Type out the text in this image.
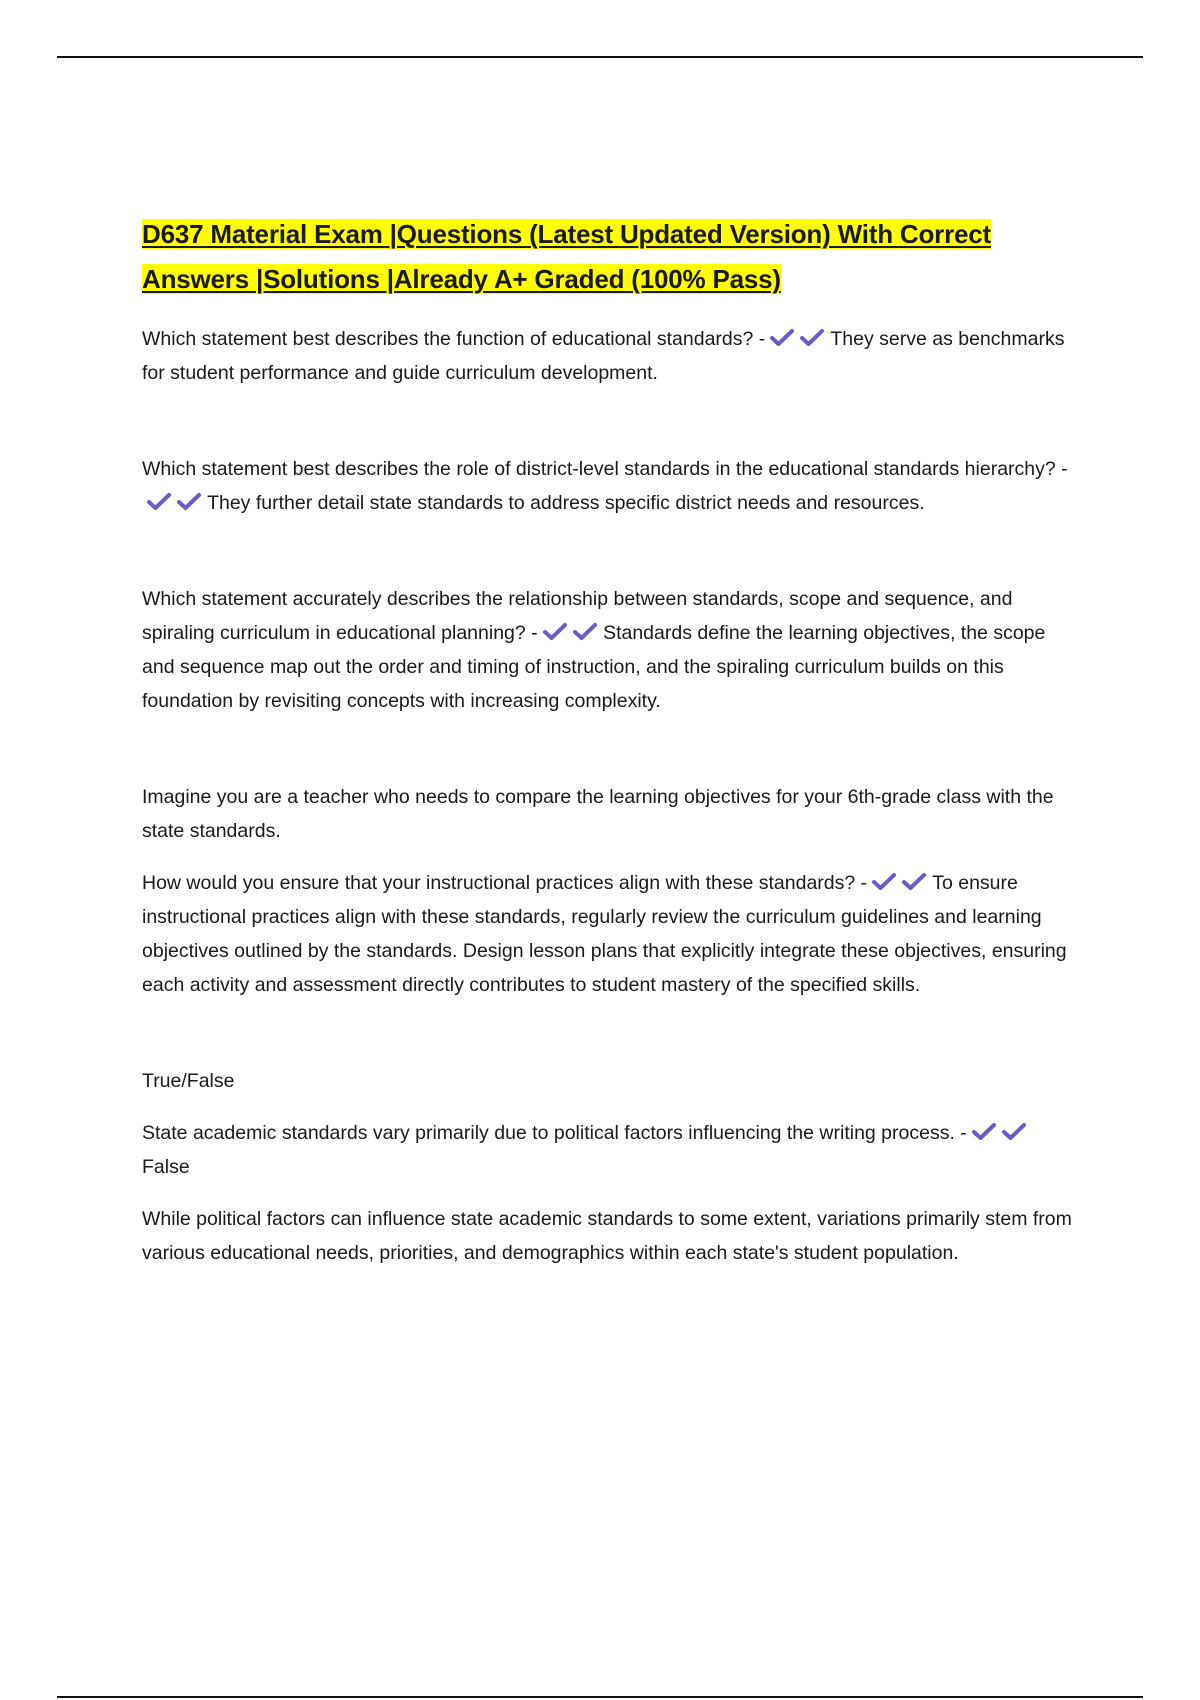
D637 Material Exam |Questions (Latest Updated Version) With Correct Answers |Solutions |Already A+ Graded (100% Pass)

Which statement best describes the function of educational standards? -	They serve as benchmarks for student performance and guide curriculum development.

Which statement best describes the role of district-level standards in the educational standards hierarchy? -
They further detail state standards to address specific district needs and resources.

Which statement accurately describes the relationship between standards, scope and sequence, and spiraling curriculum in educational planning? -	Standards define the learning objectives, the scope and sequence map out the order and timing of instruction, and the spiraling curriculum builds on this foundation by revisiting concepts with increasing complexity.

Imagine you are a teacher who needs to compare the learning objectives for your 6th-grade class with the state standards.

How would you ensure that your instructional practices align with these standards? -	To ensure instructional practices align with these standards, regularly review the curriculum guidelines and learning objectives outlined by the standards. Design lesson plans that explicitly integrate these objectives, ensuring each activity and assessment directly contributes to student mastery of the specified skills.

True/False

State academic standards vary primarily due to political factors influencing the writing process. -
False

While political factors can influence state academic standards to some extent, variations primarily stem from various educational needs, priorities, and demographics within each state's student population.
